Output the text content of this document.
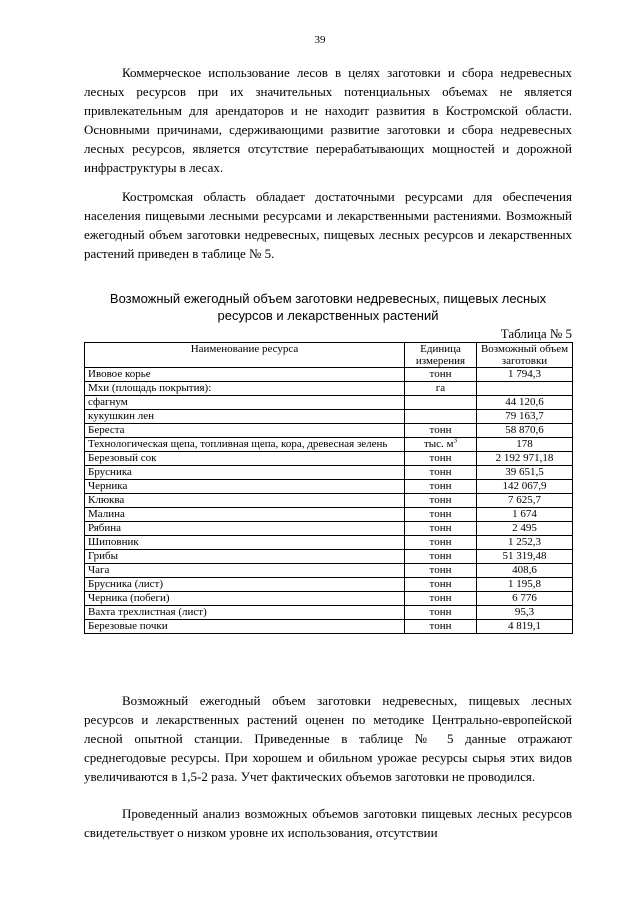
39

Коммерческое использование лесов в целях заготовки и сбора недревесных лесных ресурсов при их значительных потенциальных объемах не является привлекательным для арендаторов и не находит развития в Костромской области. Основными причинами, сдерживающими развитие заготовки и сбора недревесных лесных ресурсов, является отсутствие перерабатывающих мощностей и дорожной инфраструктуры в лесах.

Костромская область обладает достаточными ресурсами для обеспечения населения пищевыми лесными ресурсами и лекарственными растениями. Возможный ежегодный объем заготовки недревесных, пищевых лесных ресурсов и лекарственных растений приведен в таблице № 5.

Возможный ежегодный объем заготовки недревесных, пищевых лесных ресурсов и лекарственных растений
Таблица № 5
Наименование ресурса	Единица измерения	Возможный объем заготовки
Ивовое корье	тонн	1 794,3
Мхи (площадь покрытия):	га	
сфагнум		44 120,6
кукушкин лен		79 163,7
Береста	тонн	58 870,6
Технологическая щепа, топливная щепа, кора, древесная зелень	тыс. $м^3$	178
Березовый сок	тонн	2 192 971,18
Брусника	тонн	39 651,5
Черника	тонн	142 067,9
Клюква	тонн	7 625,7
Малина	тонн	1 674
Рябина	тонн	2 495
Шиповник	тонн	1 252,3
Грибы	тонн	51 319,48
Чага	тонн	408,6
Брусника (лист)	тонн	1 195,8
Черника (побеги)	тонн	6 776
Вахта трехлистная (лист)	тонн	95,3
Березовые почки	тонн	4 819,1

Возможный ежегодный объем заготовки недревесных, пищевых лесных ресурсов и лекарственных растений оценен по методике Центрально-европейской лесной опытной станции. Приведенные в таблице № 5 данные отражают среднегодовые ресурсы. При хорошем и обильном урожае ресурсы сырья этих видов увеличиваются в 1,5-2 раза. Учет фактических объемов заготовки не проводился.

Проведенный анализ возможных объемов заготовки пищевых лесных ресурсов свидетельствует о низком уровне их использования, отсутствии
